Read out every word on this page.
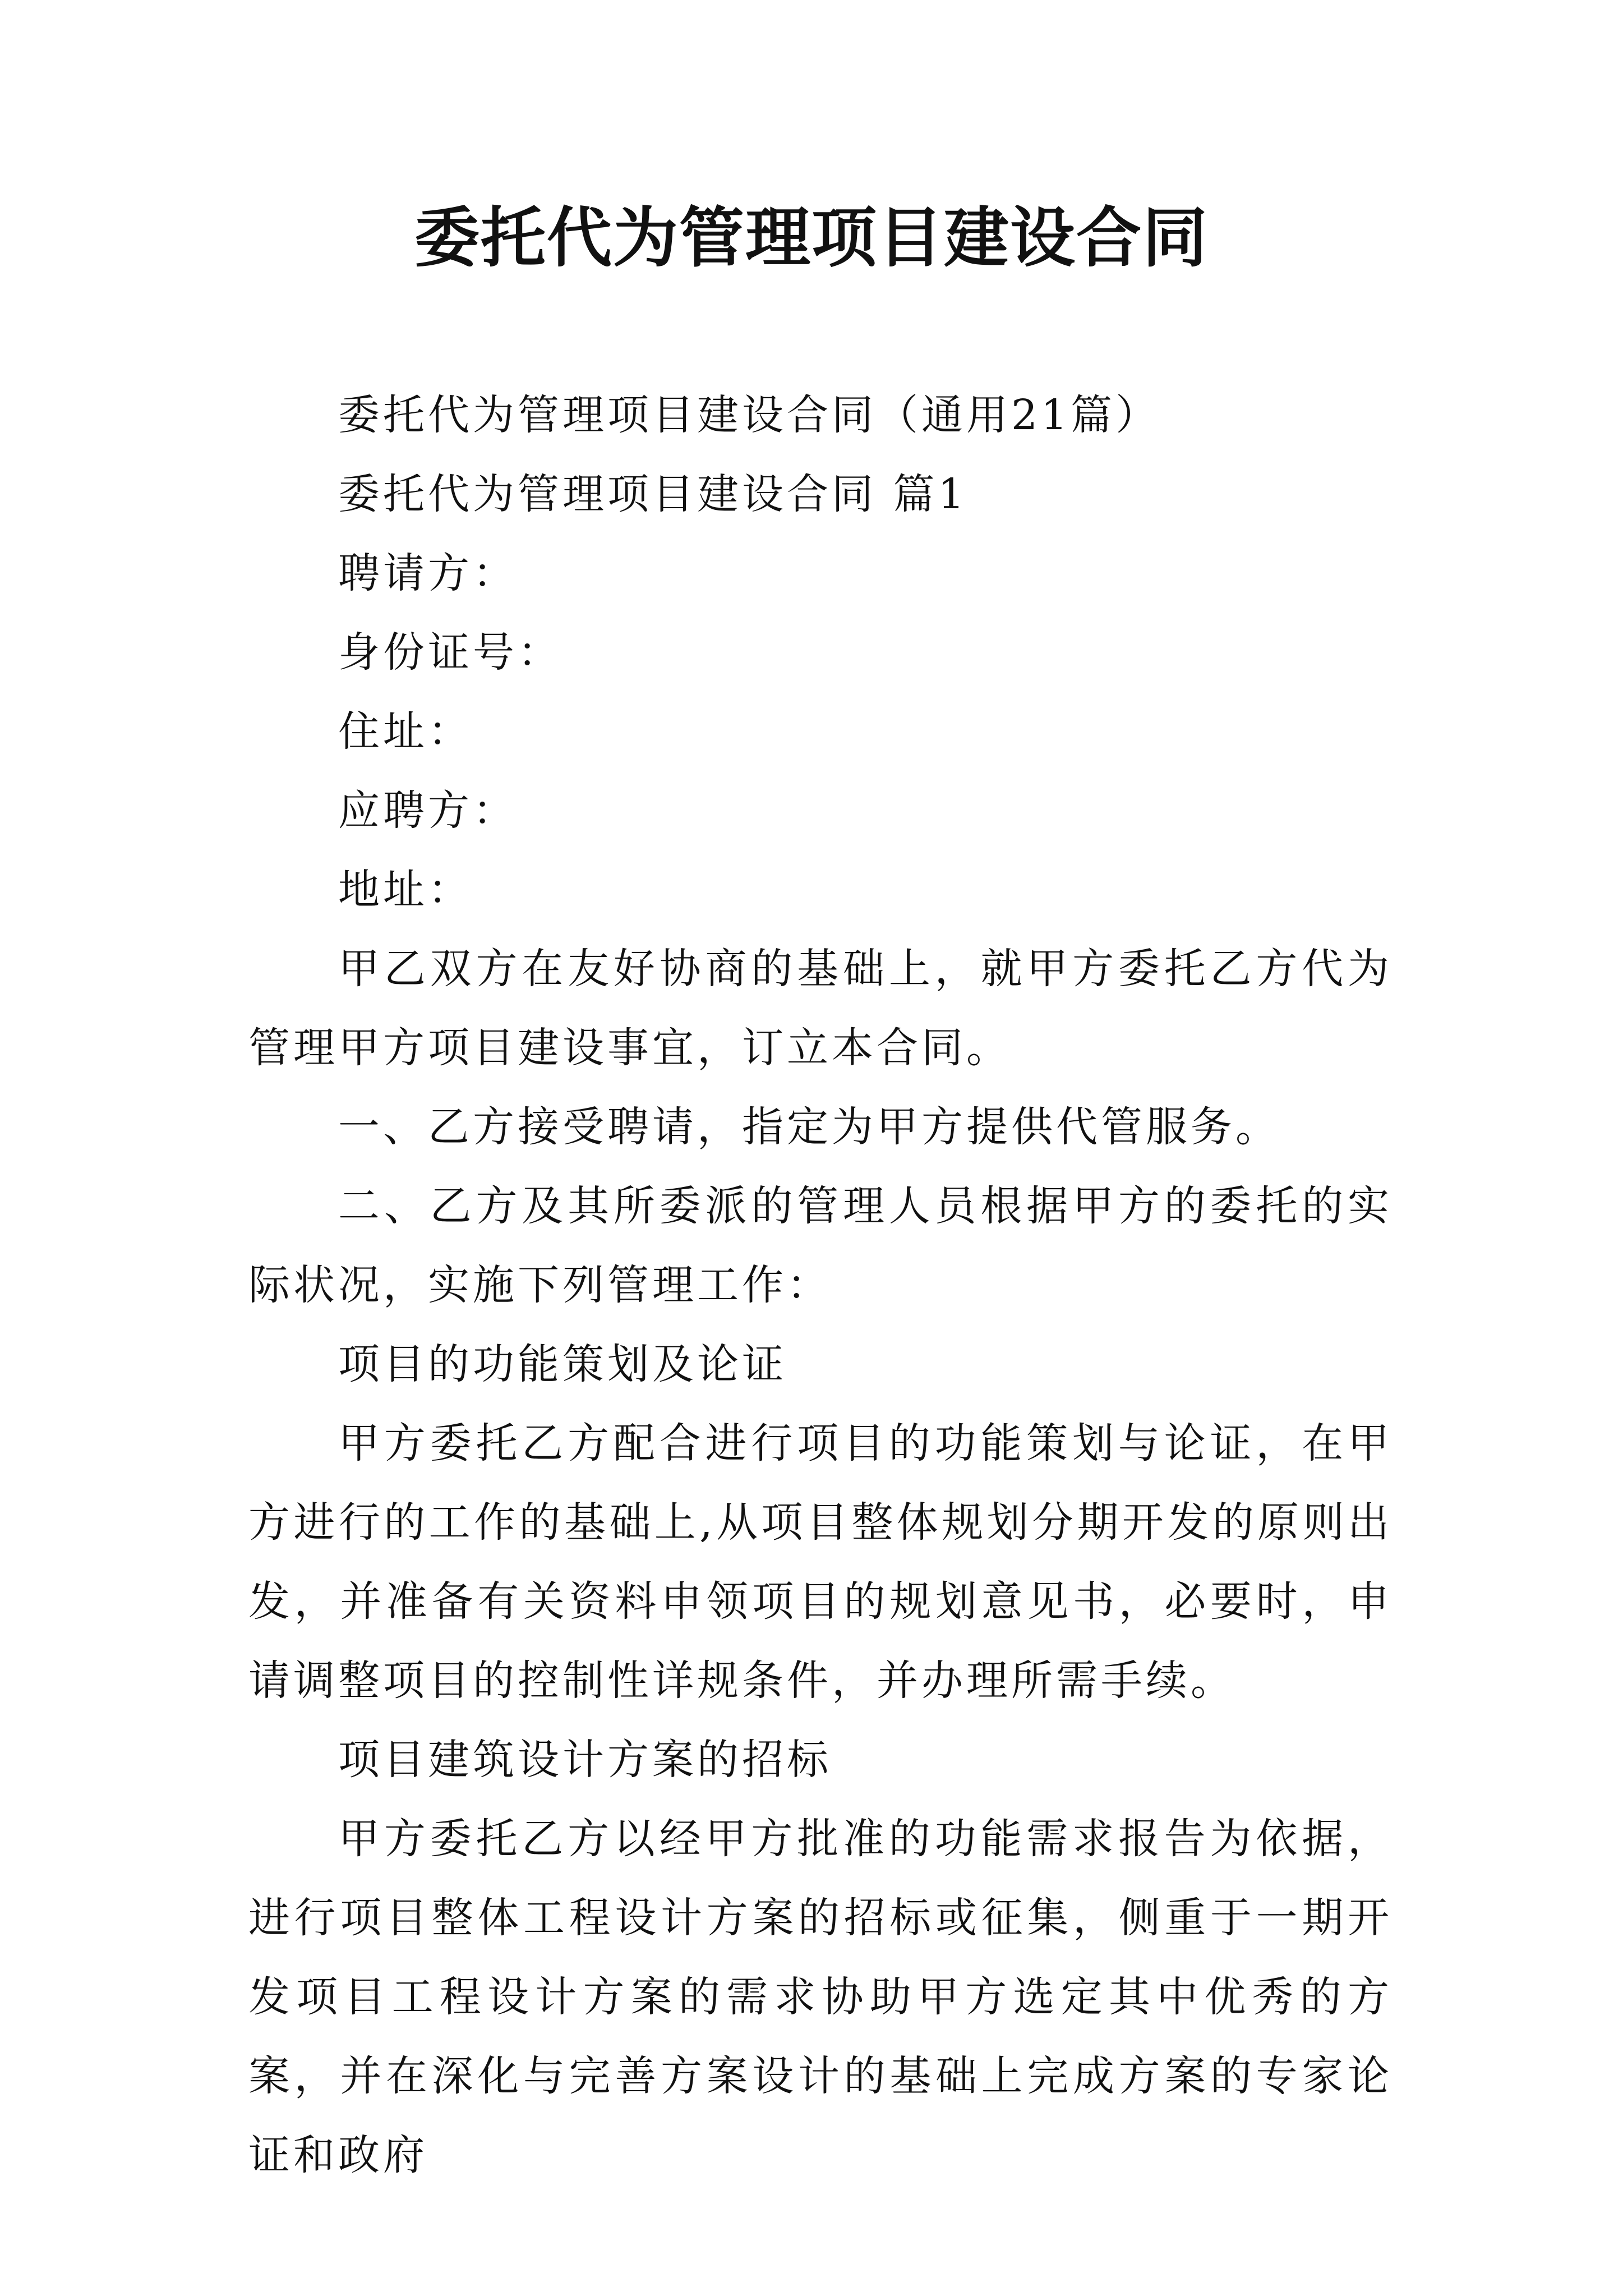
委托代为管理项目建设合同

委托代为管理项目建设合同（通用21篇）

委托代为管理项目建设合同 篇1

聘请方：

身份证号：

住址：

应聘方：

地址：

甲乙双方在友好协商的基础上，就甲方委托乙方代为管理甲方项目建设事宜，订立本合同。

一、乙方接受聘请，指定为甲方提供代管服务。

二、乙方及其所委派的管理人员根据甲方的委托的实际状况，实施下列管理工作：

项目的功能策划及论证

甲方委托乙方配合进行项目的功能策划与论证，在甲方进行的工作的基础上,从项目整体规划分期开发的原则出发，并准备有关资料申领项目的规划意见书，必要时，申请调整项目的控制性详规条件，并办理所需手续。

项目建筑设计方案的招标

甲方委托乙方以经甲方批准的功能需求报告为依据，进行项目整体工程设计方案的招标或征集，侧重于一期开发项目工程设计方案的需求协助甲方选定其中优秀的方案，并在深化与完善方案设计的基础上完成方案的专家论证和政府
